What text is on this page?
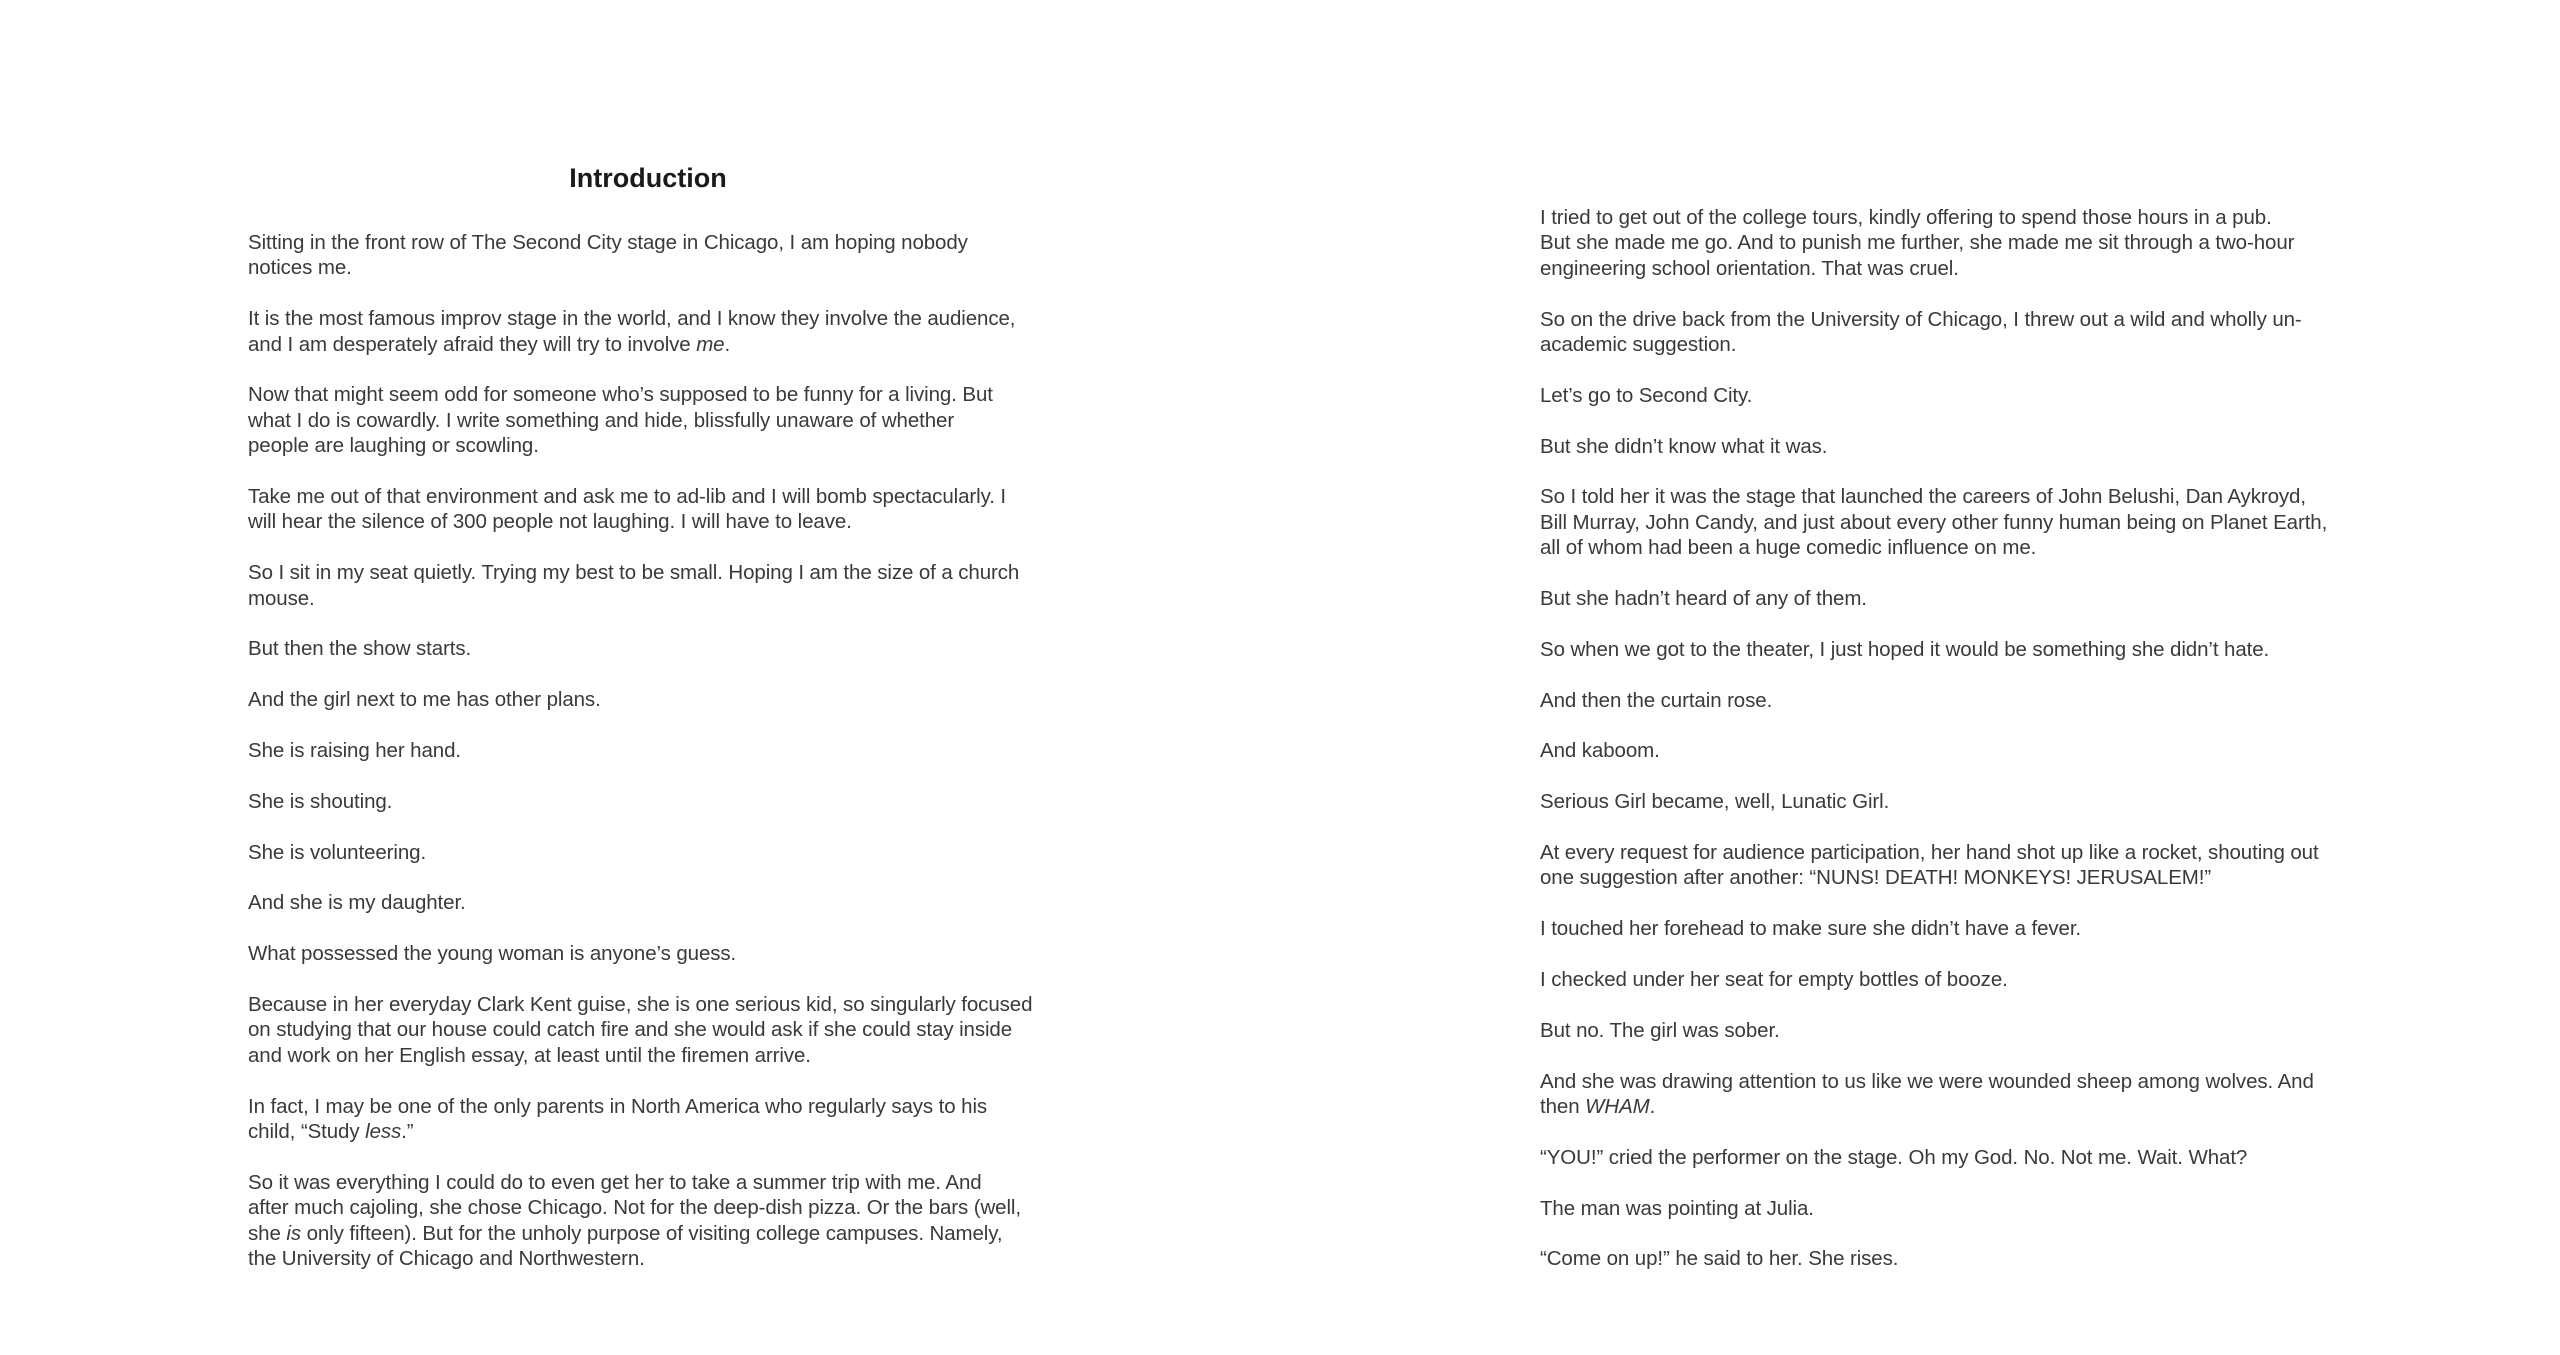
Introduction

Sitting in the front row of The Second City stage in Chicago, I am hoping nobody
notices me.

It is the most famous improv stage in the world, and I know they involve the audience,
and I am desperately afraid they will try to involve me.

Now that might seem odd for someone who’s supposed to be funny for a living. But
what I do is cowardly. I write something and hide, blissfully unaware of whether
people are laughing or scowling.

Take me out of that environment and ask me to ad-lib and I will bomb spectacularly. I
will hear the silence of 300 people not laughing. I will have to leave.

So I sit in my seat quietly. Trying my best to be small. Hoping I am the size of a church
mouse.

But then the show starts.

And the girl next to me has other plans.

She is raising her hand.

She is shouting.

She is volunteering.

And she is my daughter.

What possessed the young woman is anyone’s guess.

Because in her everyday Clark Kent guise, she is one serious kid, so singularly focused
on studying that our house could catch fire and she would ask if she could stay inside
and work on her English essay, at least until the firemen arrive.

In fact, I may be one of the only parents in North America who regularly says to his
child, “Study less.”

So it was everything I could do to even get her to take a summer trip with me. And
after much cajoling, she chose Chicago. Not for the deep-dish pizza. Or the bars (well,
she is only fifteen). But for the unholy purpose of visiting college campuses. Namely,
the University of Chicago and Northwestern.

I tried to get out of the college tours, kindly offering to spend those hours in a pub.
But she made me go. And to punish me further, she made me sit through a two-hour
engineering school orientation. That was cruel.

So on the drive back from the University of Chicago, I threw out a wild and wholly un-
academic suggestion.

Let’s go to Second City.

But she didn’t know what it was.

So I told her it was the stage that launched the careers of John Belushi, Dan Aykroyd,
Bill Murray, John Candy, and just about every other funny human being on Planet Earth,
all of whom had been a huge comedic influence on me.

But she hadn’t heard of any of them.

So when we got to the theater, I just hoped it would be something she didn’t hate.

And then the curtain rose.

And kaboom.

Serious Girl became, well, Lunatic Girl.

At every request for audience participation, her hand shot up like a rocket, shouting out
one suggestion after another: “NUNS! DEATH! MONKEYS! JERUSALEM!”

I touched her forehead to make sure she didn’t have a fever.

I checked under her seat for empty bottles of booze.

But no. The girl was sober.

And she was drawing attention to us like we were wounded sheep among wolves. And
then WHAM.

“YOU!” cried the performer on the stage. Oh my God. No. Not me. Wait. What?

The man was pointing at Julia.

“Come on up!” he said to her. She rises.
